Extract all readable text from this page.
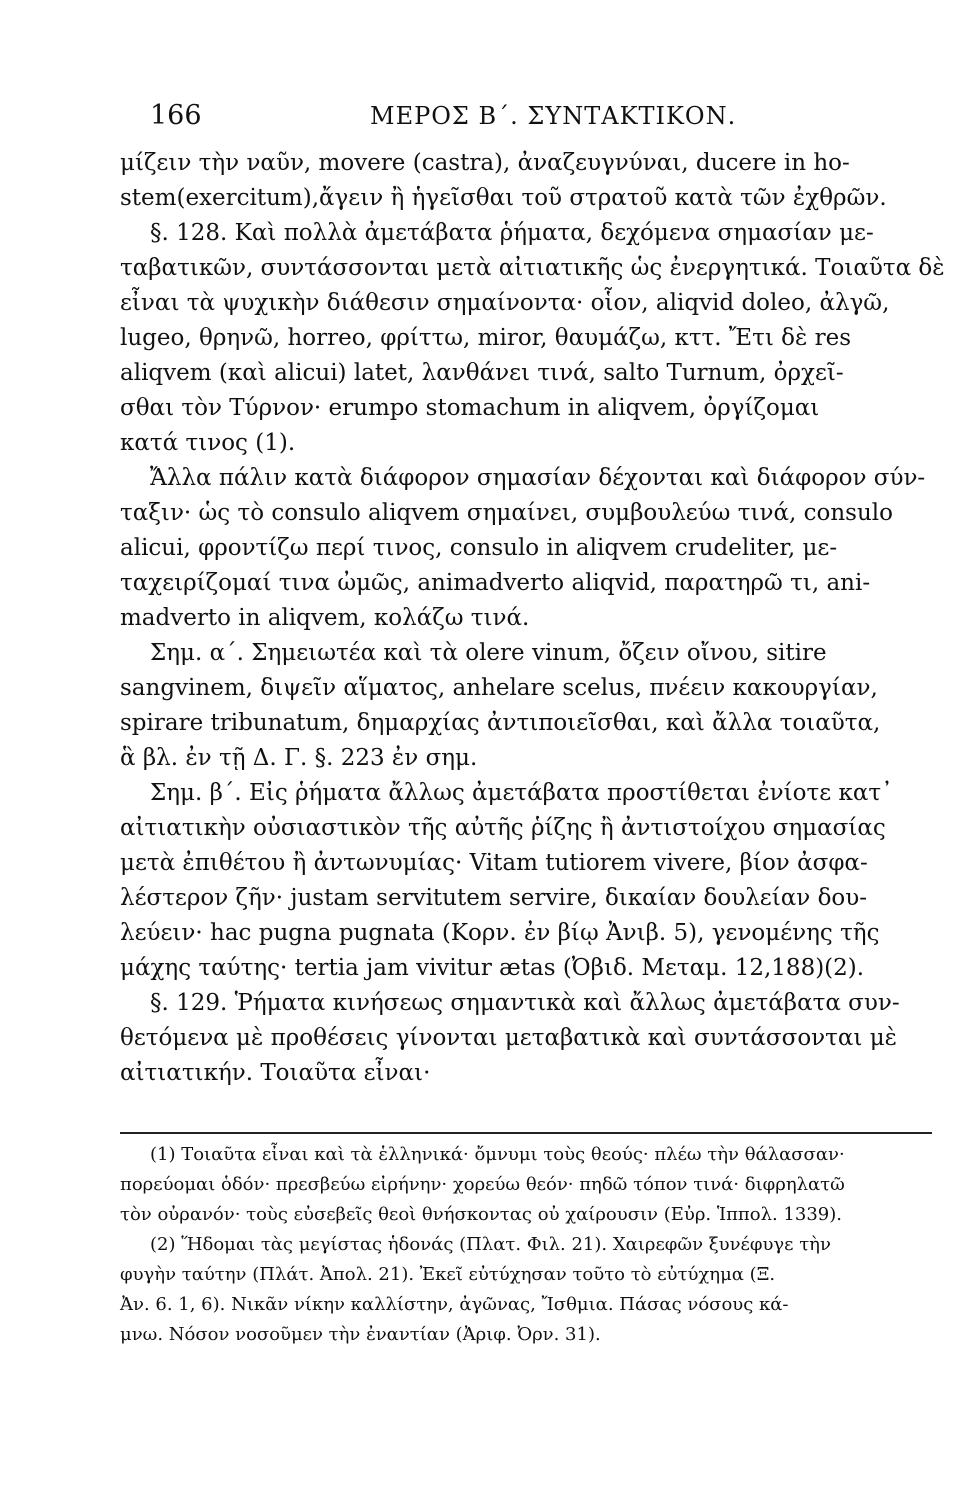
166	ΜΕΡΟΣ Β΄. ΣΥΝΤΑΚΤΙΚΟΝ.
μίζειν τὴν ναῦν, movere (castra), ἀναζευγνύναι, ducere in ho-
stem(exercitum),ἄγειν ἢ ἡγεῖσθαι τοῦ στρατοῦ κατὰ τῶν ἐχθρῶν.
§. 128. Καὶ πολλὰ ἀμετάβατα ῥήματα, δεχόμενα σημασίαν με-
ταβατικῶν, συντάσσονται μετὰ αἰτιατικῆς ὡς ἐνεργητικά. Τοιαῦτα δὲ
εἶναι τὰ ψυχικὴν διάθεσιν σημαίνοντα· οἷον, aliqvid doleo, ἀλγῶ,
lugeo, θρηνῶ, horreo, φρίττω, miror, θαυμάζω, κττ. Ἔτι δὲ res
aliqvem (καὶ alicui) latet, λανθάνει τινά, salto Turnum, ὀρχεῖ-
σθαι τὸν Τύρνον· erumpo stomachum in aliqvem, ὀργίζομαι
κατά τινος (1).
Ἄλλα πάλιν κατὰ διάφορον σημασίαν δέχονται καὶ διάφορον σύν-
ταξιν· ὡς τὸ consulo aliqvem σημαίνει, συμβουλεύω τινά, consulo
alicui, φροντίζω περί τινος, consulo in aliqvem crudeliter, με-
ταχειρίζομαί τινα ὠμῶς, animadverto aliqvid, παρατηρῶ τι, ani-
madverto in aliqvem, κολάζω τινά.
Σημ. α΄. Σημειωτέα καὶ τὰ olere vinum, ὄζειν οἴνου, sitire
sangvinem, διψεῖν αἵματος, anhelare scelus, πνέειν κακουργίαν,
spirare tribunatum, δημαρχίας ἀντιποιεῖσθαι, καὶ ἄλλα τοιαῦτα,
ἃ βλ. ἐν τῇ Δ. Γ. §. 223 ἐν σημ.
Σημ. β΄. Εἰς ῥήματα ἄλλως ἀμετάβατα προστίθεται ἐνίοτε κατ᾽
αἰτιατικὴν οὐσιαστικὸν τῆς αὐτῆς ῥίζης ἢ ἀντιστοίχου σημασίας
μετὰ ἐπιθέτου ἢ ἀντωνυμίας· Vitam tutiorem vivere, βίον ἀσφα-
λέστερον ζῆν· justam servitutem servire, δικαίαν δουλείαν δου-
λεύειν· hac pugna pugnata (Κορν. ἐν βίῳ Ἀνιβ. 5), γενομένης τῆς
μάχης ταύτης· tertia jam vivitur ætas (Ὀβιδ. Μεταμ. 12,188)(2).
§. 129. Ῥήματα κινήσεως σημαντικὰ καὶ ἄλλως ἀμετάβατα συν-
θετόμενα μὲ προθέσεις γίνονται μεταβατικὰ καὶ συντάσσονται μὲ
αἰτιατικήν. Τοιαῦτα εἶναι·
(1) Τοιαῦτα εἶναι καὶ τὰ ἑλληνικά· ὄμνυμι τοὺς θεούς· πλέω τὴν θάλασσαν·
πορεύομαι ὁδόν· πρεσβεύω εἰρήνην· χορεύω θεόν· πηδῶ τόπον τινά· διφρηλατῶ
τὸν οὐρανόν· τοὺς εὐσεβεῖς θεοὶ θνήσκοντας οὐ χαίρουσιν (Εὐρ. Ἱππολ. 1339).
(2) Ἥδομαι τὰς μεγίστας ἡδονάς (Πλατ. Φιλ. 21). Χαιρεφῶν ξυνέφυγε τὴν
φυγὴν ταύτην (Πλάτ. Ἀπολ. 21). Ἐκεῖ εὐτύχησαν τοῦτο τὸ εὐτύχημα (Ξ.
Ἀν. 6. 1, 6). Νικᾶν νίκην καλλίστην, ἀγῶνας, Ἴσθμια. Πάσας νόσους κά-
μνω. Νόσον νοσοῦμεν τὴν ἐναντίαν (Ἀριφ. Ὀρν. 31).
